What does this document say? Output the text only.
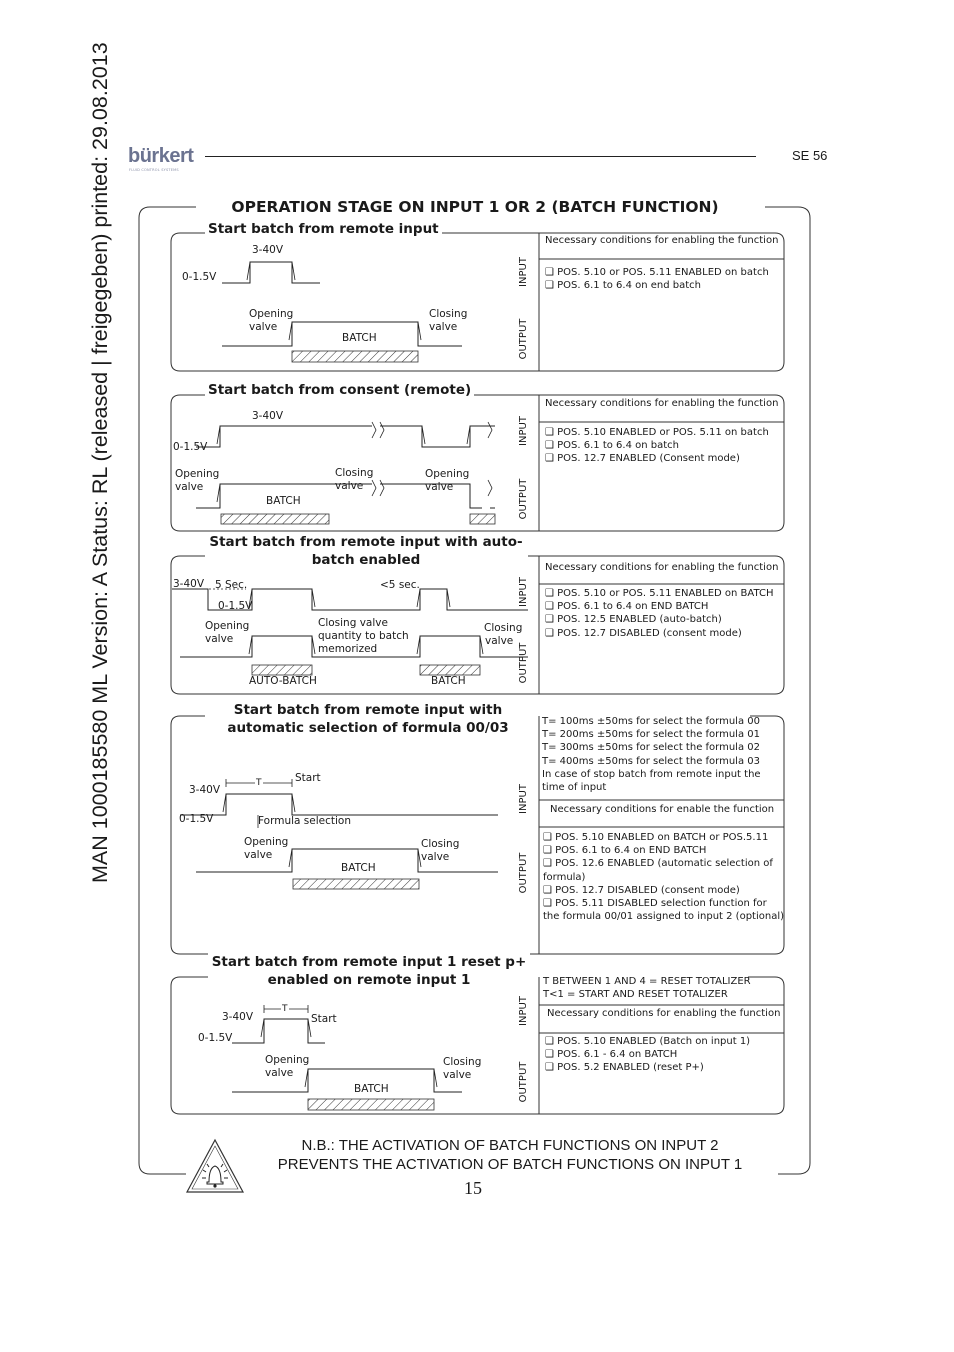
MAN 1000185580 ML Version: A Status: RL (released | freigegeben) printed: 29.08.2013 bürkert
FLUID CONTROL SYSTEMS
SE 56
OPERATION STAGE ON INPUT 1 OR 2 (BATCH FUNCTION)
Start batch from remote input
3-40V
0-1.5V
Opening
valve
BATCH
Closing
valve
INPUT
OUTPUT
Necessary conditions for enabling the function
❑ POS. 5.10 or POS. 5.11 ENABLED on batch
❑ POS. 6.1 to 6.4 on end batch
Start batch from consent (remote)
3-40V
0-1.5V
Opening
valve
BATCH
Closing
valve
Opening
valve
INPUT
OUTPUT
Necessary conditions for enabling the function
❑ POS. 5.10 ENABLED or POS. 5.11 on batch
❑ POS. 6.1 to 6.4 on batch
❑ POS. 12.7 ENABLED (Consent mode)
Start batch from remote input with auto-
batch enabled
3-40V 5 Sec.	<5 sec.
0-1.5V
Opening
valve
Closing valve
quantity to batch
memorized
Closing
valve
AUTO-BATCH	BATCH
INPUT
OUTPUT
Necessary conditions for enabling the function
❑ POS. 5.10 or POS. 5.11 ENABLED on BATCH
❑ POS. 6.1 to 6.4 on END BATCH
❑ POS. 12.5 ENABLED (auto-batch)
❑ POS. 12.7 DISABLED (consent mode)
Start batch from remote input with
automatic selection of formula 00/03
T	Start
3-40V
0-1.5V	Formula selection
Opening
valve
BATCH
Closing
valve
INPUT
OUTPUT
T= 100ms ±50ms for select the formula 00
T= 200ms ±50ms for select the formula 01
T= 300ms ±50ms for select the formula 02
T= 400ms ±50ms for select the formula 03
In case of stop batch from remote input the time of input
Necessary conditions for enable the function
❑ POS. 5.10 ENABLED on BATCH or POS.5.11
❑ POS. 6.1 to 6.4 on END BATCH
❑ POS. 12.6 ENABLED (automatic selection of formula)
❑ POS. 12.7 DISABLED (consent mode)
❑ POS. 5.11 DISABLED selection function for the formula 00/01 assigned to input 2 (optional)
Start batch from remote input 1 reset p+
enabled on remote input 1
T
Start
3-40V
0-1.5V
Opening
valve
BATCH
Closing
valve
INPUT
OUTPUT
T BETWEEN 1 AND 4 = RESET TOTALIZER
T<1 = START AND RESET TOTALIZER
Necessary conditions for enabling the function
❑ POS. 5.10 ENABLED (Batch on input 1)
❑ POS. 6.1 - 6.4 on BATCH
❑ POS. 5.2 ENABLED (reset P+)
N.B.: THE ACTIVATION OF BATCH FUNCTIONS ON INPUT 2
PREVENTS THE ACTIVATION OF BATCH FUNCTIONS ON INPUT 1
15
